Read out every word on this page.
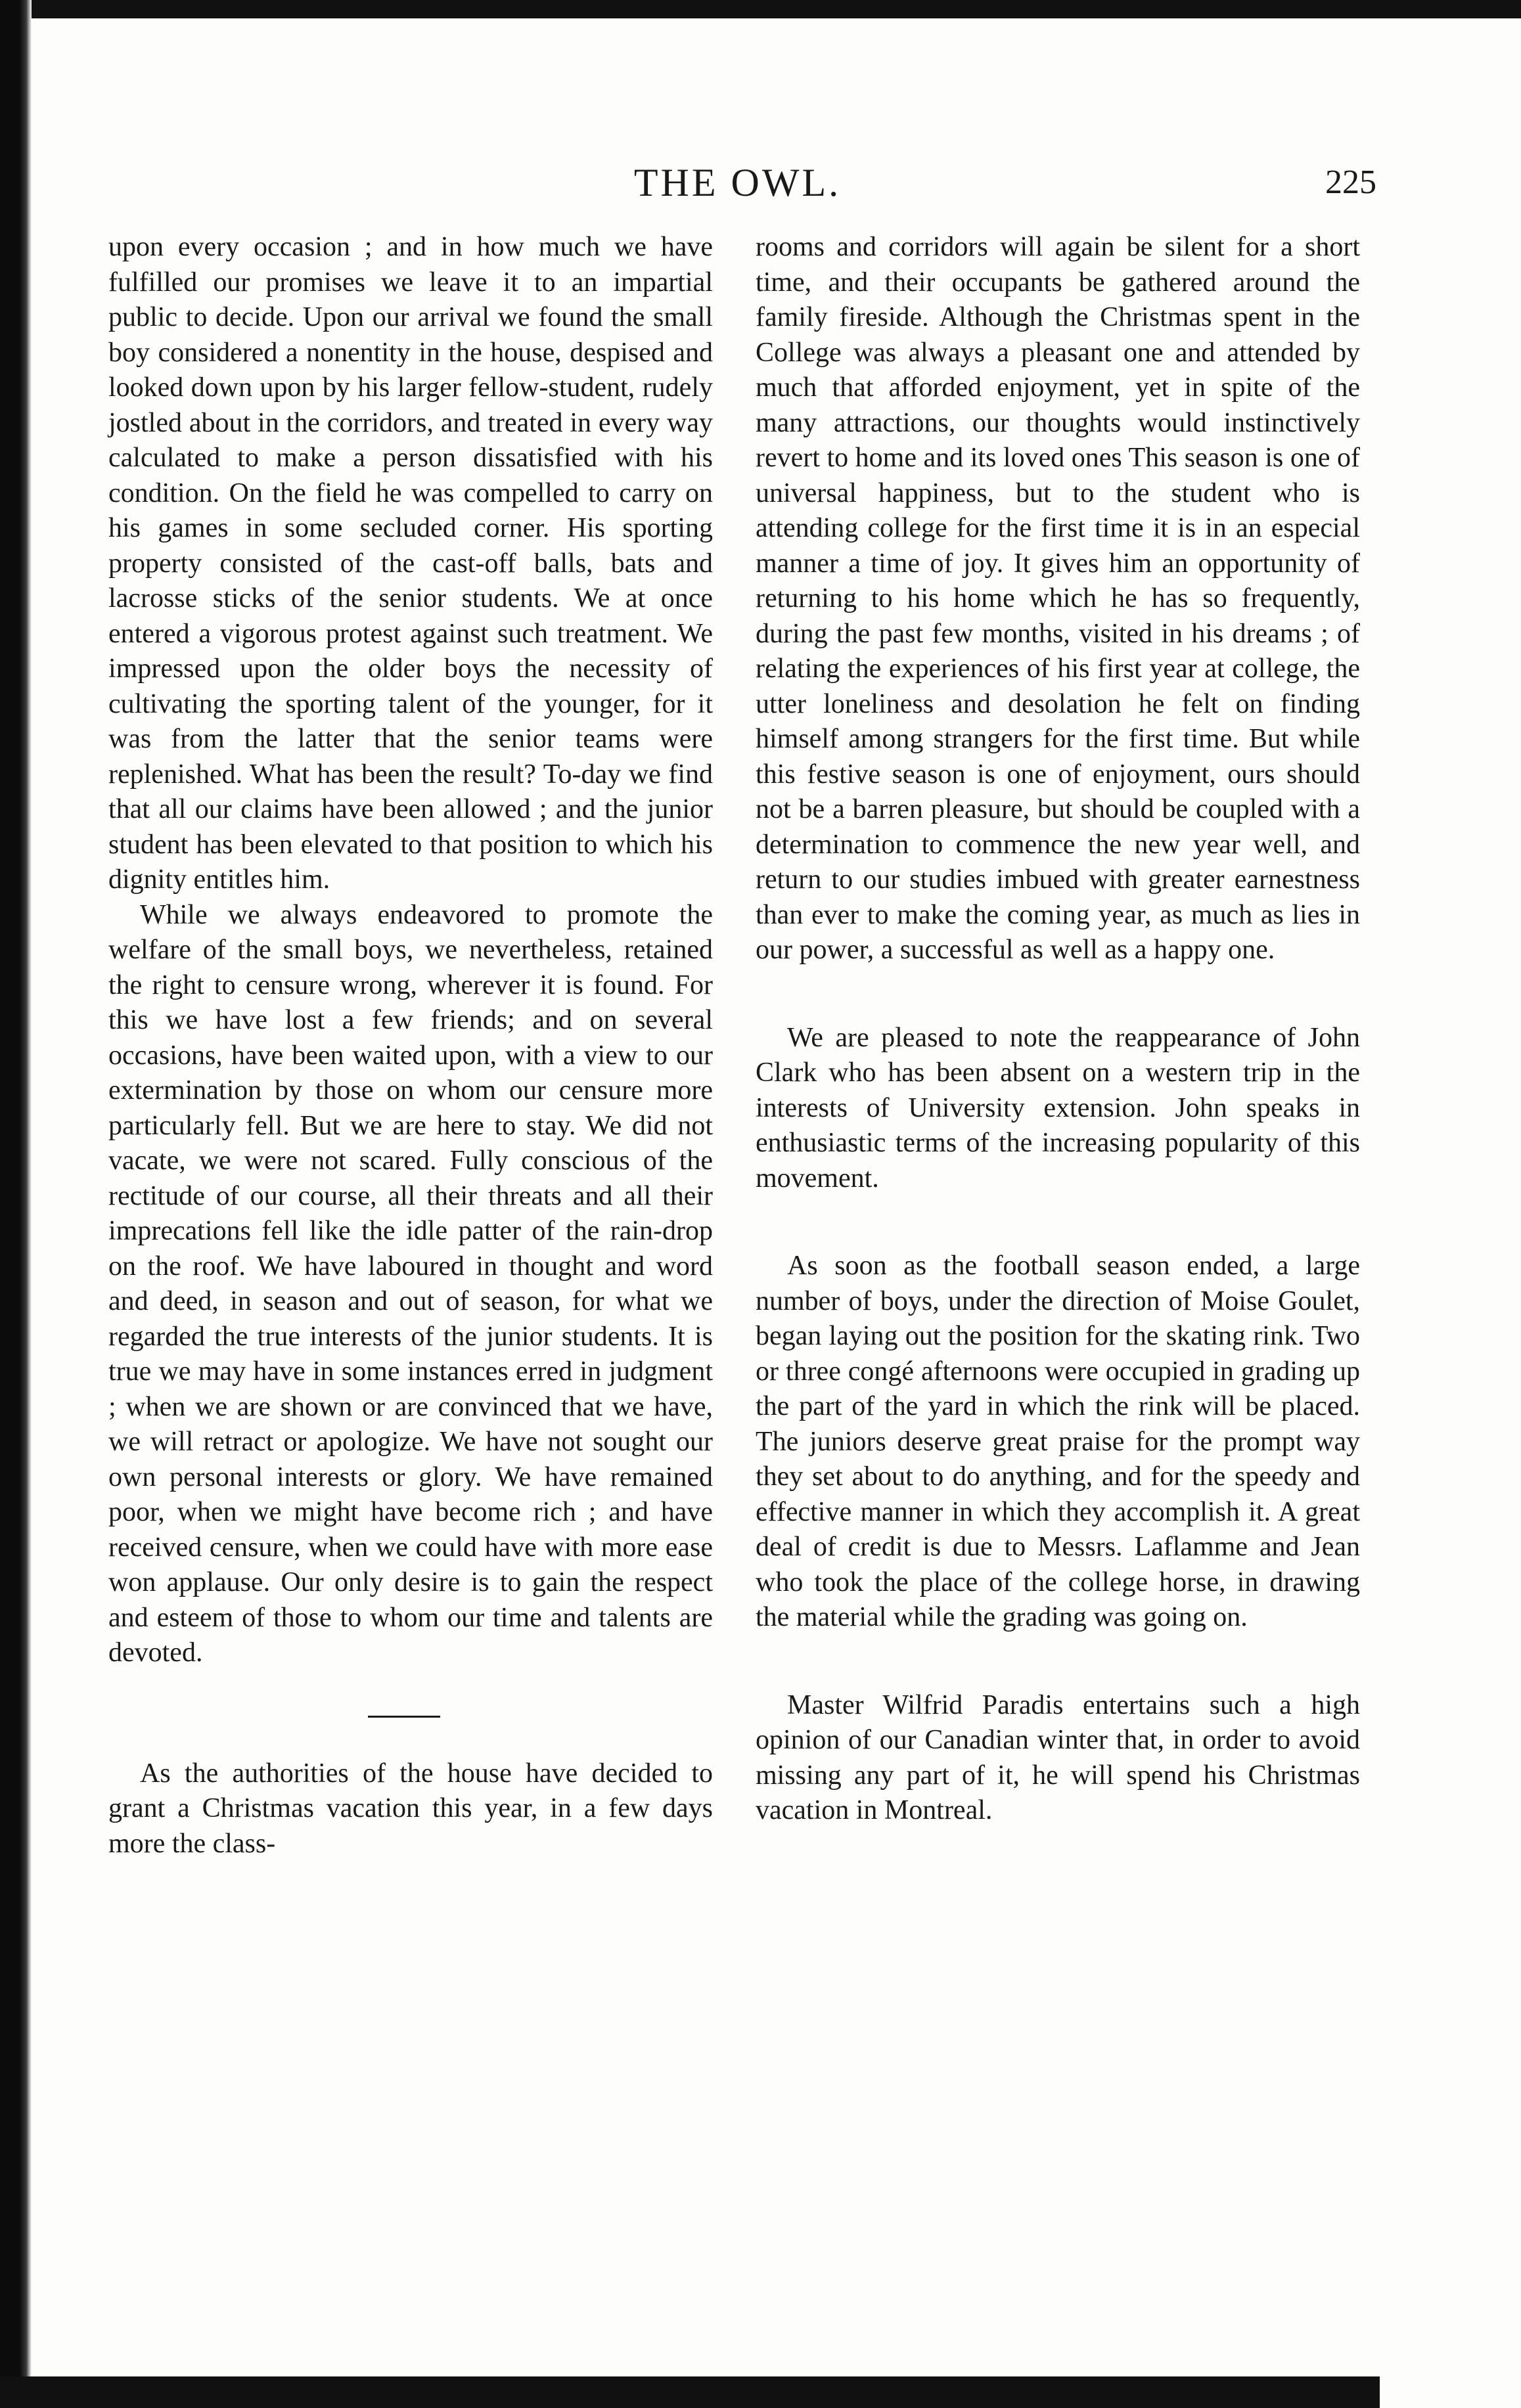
THE OWL.	225

upon every occasion ; and in how much we have fulfilled our promises we leave it to an impartial public to decide. Upon our arrival we found the small boy considered a nonentity in the house, despised and looked down upon by his larger fellow-student, rudely jostled about in the corridors, and treated in every way calculated to make a person dissatisfied with his condition. On the field he was compelled to carry on his games in some secluded corner. His sporting property consisted of the cast-off balls, bats and lacrosse sticks of the senior students. We at once entered a vigorous protest against such treatment. We impressed upon the older boys the necessity of cultivating the sporting talent of the younger, for it was from the latter that the senior teams were replenished. What has been the result? To-day we find that all our claims have been allowed ; and the junior student has been elevated to that position to which his dignity entitles him.

While we always endeavored to promote the welfare of the small boys, we nevertheless, retained the right to censure wrong, wherever it is found. For this we have lost a few friends; and on several occasions, have been waited upon, with a view to our extermination by those on whom our censure more particularly fell. But we are here to stay. We did not vacate, we were not scared. Fully conscious of the rectitude of our course, all their threats and all their imprecations fell like the idle patter of the rain-drop on the roof. We have laboured in thought and word and deed, in season and out of season, for what we regarded the true interests of the junior students. It is true we may have in some instances erred in judgment ; when we are shown or are convinced that we have, we will retract or apologize. We have not sought our own personal interests or glory. We have remained poor, when we might have become rich ; and have received censure, when we could have with more ease won applause. Our only desire is to gain the respect and esteem of those to whom our time and talents are devoted.

As the authorities of the house have decided to grant a Christmas vacation this year, in a few days more the class-

rooms and corridors will again be silent for a short time, and their occupants be gathered around the family fireside. Although the Christmas spent in the College was always a pleasant one and attended by much that afforded enjoyment, yet in spite of the many attractions, our thoughts would instinctively revert to home and its loved ones This season is one of universal happiness, but to the student who is attending college for the first time it is in an especial manner a time of joy. It gives him an opportunity of returning to his home which he has so frequently, during the past few months, visited in his dreams ; of relating the experiences of his first year at college, the utter loneliness and desolation he felt on finding himself among strangers for the first time. But while this festive season is one of enjoyment, ours should not be a barren pleasure, but should be coupled with a determination to commence the new year well, and return to our studies imbued with greater earnestness than ever to make the coming year, as much as lies in our power, a successful as well as a happy one.

We are pleased to note the reappearance of John Clark who has been absent on a western trip in the interests of University extension. John speaks in enthusiastic terms of the increasing popularity of this movement.

As soon as the football season ended, a large number of boys, under the direction of Moise Goulet, began laying out the position for the skating rink. Two or three congé afternoons were occupied in grading up the part of the yard in which the rink will be placed. The juniors deserve great praise for the prompt way they set about to do anything, and for the speedy and effective manner in which they accomplish it. A great deal of credit is due to Messrs. Laflamme and Jean who took the place of the college horse, in drawing the material while the grading was going on.

Master Wilfrid Paradis entertains such a high opinion of our Canadian winter that, in order to avoid missing any part of it, he will spend his Christmas vacation in Montreal.
